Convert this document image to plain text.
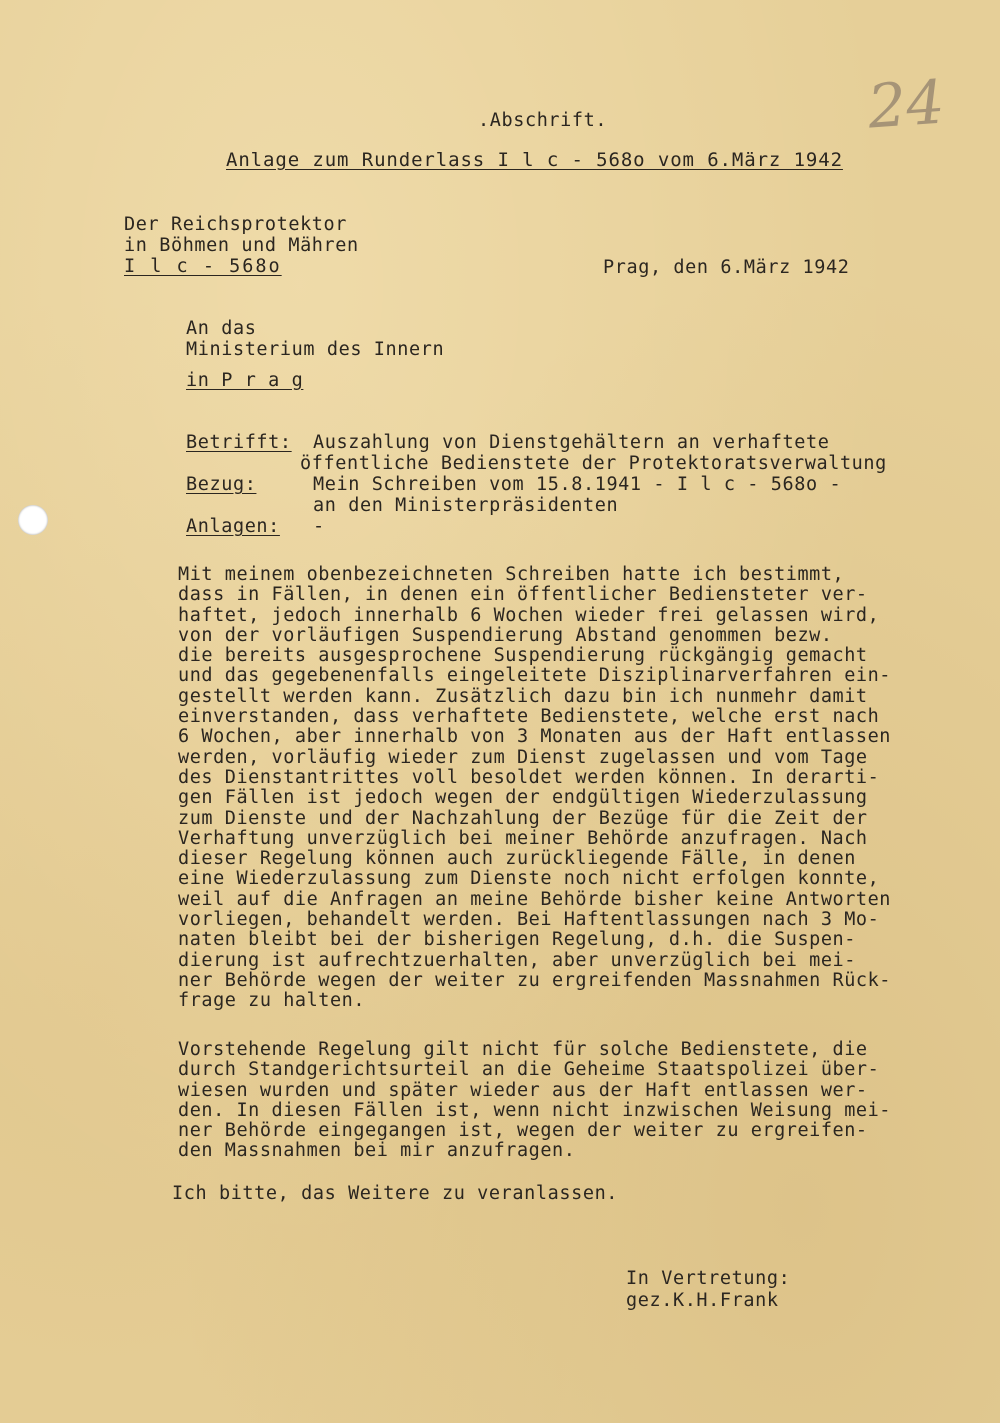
24
.Abschrift.
Anlage zum Runderlass I l c - 568o vom 6.März 1942
Der Reichsprotektor
in Böhmen und Mähren
I l c - 568o	Prag, den 6.März 1942
An das
Ministerium des Innern
in P r a g
Betrifft: Auszahlung von Dienstgehältern an verhaftete
öffentliche Bedienstete der Protektoratsverwaltung
Bezug:	Mein Schreiben vom 15.8.1941 - I l c - 568o -
an den Ministerpräsidenten
Anlagen: -
Mit meinem obenbezeichneten Schreiben hatte ich bestimmt,
dass in Fällen, in denen ein öffentlicher Bediensteter ver-
haftet, jedoch innerhalb 6 Wochen wieder frei gelassen wird,
von der vorläufigen Suspendierung Abstand genommen bezw.
die bereits ausgesprochene Suspendierung rückgängig gemacht
und das gegebenenfalls eingeleitete Disziplinarverfahren ein-
gestellt werden kann. Zusätzlich dazu bin ich nunmehr damit
einverstanden, dass verhaftete Bedienstete, welche erst nach
6 Wochen, aber innerhalb von 3 Monaten aus der Haft entlassen
werden, vorläufig wieder zum Dienst zugelassen und vom Tage
des Dienstantrittes voll besoldet werden können. In derarti-
gen Fällen ist jedoch wegen der endgültigen Wiederzulassung
zum Dienste und der Nachzahlung der Bezüge für die Zeit der
Verhaftung unverzüglich bei meiner Behörde anzufragen. Nach
dieser Regelung können auch zurückliegende Fälle, in denen
eine Wiederzulassung zum Dienste noch nicht erfolgen konnte,
weil auf die Anfragen an meine Behörde bisher keine Antworten
vorliegen, behandelt werden. Bei Haftentlassungen nach 3 Mo-
naten bleibt bei der bisherigen Regelung, d.h. die Suspen-
dierung ist aufrechtzuerhalten, aber unverzüglich bei mei-
ner Behörde wegen der weiter zu ergreifenden Massnahmen Rück-
frage zu halten.
Vorstehende Regelung gilt nicht für solche Bedienstete, die
durch Standgerichtsurteil an die Geheime Staatspolizei über-
wiesen wurden und später wieder aus der Haft entlassen wer-
den. In diesen Fällen ist, wenn nicht inzwischen Weisung mei-
ner Behörde eingegangen ist, wegen der weiter zu ergreifen-
den Massnahmen bei mir anzufragen.
Ich bitte, das Weitere zu veranlassen.
In Vertretung:
gez.K.H.Frank
